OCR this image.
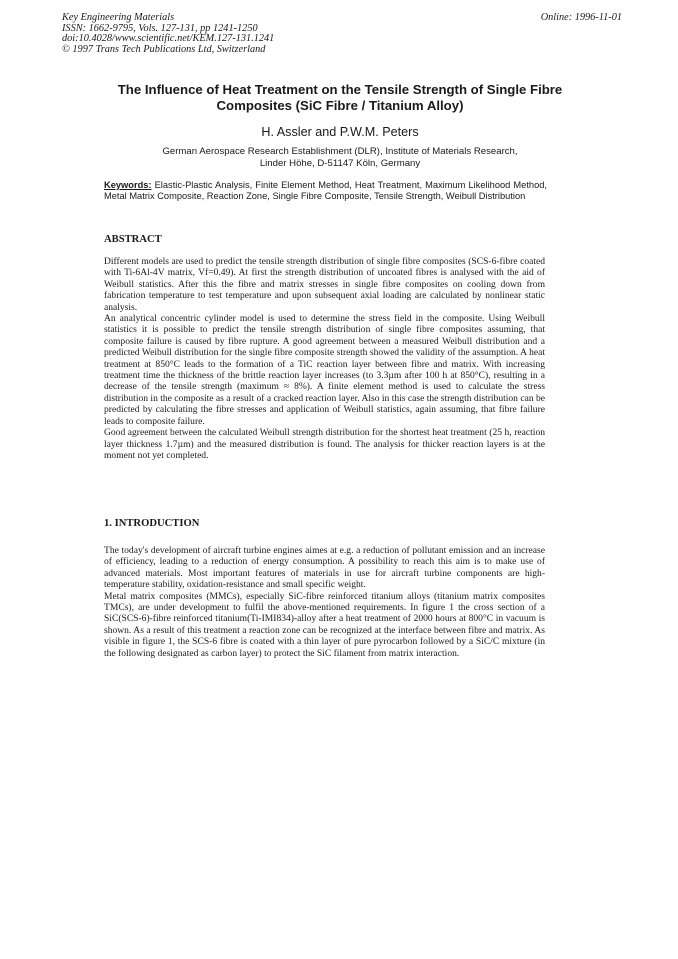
Key Engineering Materials
ISSN: 1662-9795, Vols. 127-131, pp 1241-1250
doi:10.4028/www.scientific.net/KEM.127-131.1241
© 1997 Trans Tech Publications Ltd, Switzerland
Online: 1996-11-01
The Influence of Heat Treatment on the Tensile Strength of Single Fibre Composites (SiC Fibre / Titanium Alloy)

H. Assler and P.W.M. Peters

German Aerospace Research Establishment (DLR), Institute of Materials Research,
Linder Höhe, D-51147 Köln, Germany

Keywords: Elastic-Plastic Analysis, Finite Element Method, Heat Treatment, Maximum Likelihood Method, Metal Matrix Composite, Reaction Zone, Single Fibre Composite, Tensile Strength, Weibull Distribution

ABSTRACT

Different models are used to predict the tensile strength distribution of single fibre composites (SCS-6-fibre coated with Ti-6Al-4V matrix, Vf=0.49). At first the strength distribution of uncoated fibres is analysed with the aid of Weibull statistics. After this the fibre and matrix stresses in single fibre composites on cooling down from fabrication temperature to test temperature and upon subsequent axial loading are calculated by nonlinear static analysis.

An analytical concentric cylinder model is used to determine the stress field in the composite. Using Weibull statistics it is possible to predict the tensile strength distribution of single fibre composites assuming, that composite failure is caused by fibre rupture. A good agreement between a measured Weibull distribution and a predicted Weibull distribution for the single fibre composite strength showed the validity of the assumption. A heat treatment at 850°C leads to the formation of a TiC reaction layer between fibre and matrix. With increasing treatment time the thickness of the brittle reaction layer increases (to 3.3µm after 100 h at 850°C), resulting in a decrease of the tensile strength (maximum ≈ 8%). A finite element method is used to calculate the stress distribution in the composite as a result of a cracked reaction layer. Also in this case the strength distribution can be predicted by calculating the fibre stresses and application of Weibull statistics, again assuming, that fibre failure leads to composite failure.

Good agreement between the calculated Weibull strength distribution for the shortest heat treatment (25 h, reaction layer thickness 1.7µm) and the measured distribution is found. The analysis for thicker reaction layers is at the moment not yet completed.

1. INTRODUCTION

The today's development of aircraft turbine engines aimes at e.g. a reduction of pollutant emission and an increase of efficiency, leading to a reduction of energy consumption. A possibility to reach this aim is to make use of advanced materials. Most important features of materials in use for aircraft turbine components are high-temperature stability, oxidation-resistance and small specific weight.

Metal matrix composites (MMCs), especially SiC-fibre reinforced titanium alloys (titanium matrix composites TMCs), are under development to fulfil the above-mentioned requirements. In figure 1 the cross section of a SiC(SCS-6)-fibre reinforced titanium(Ti-IMI834)-alloy after a heat treatment of 2000 hours at 800°C in vacuum is shown. As a result of this treatment a reaction zone can be recognized at the interface between fibre and matrix. As visible in figure 1, the SCS-6 fibre is coated with a thin layer of pure pyrocarbon followed by a SiC/C mixture (in the following designated as carbon layer) to protect the SiC filament from matrix interaction.
